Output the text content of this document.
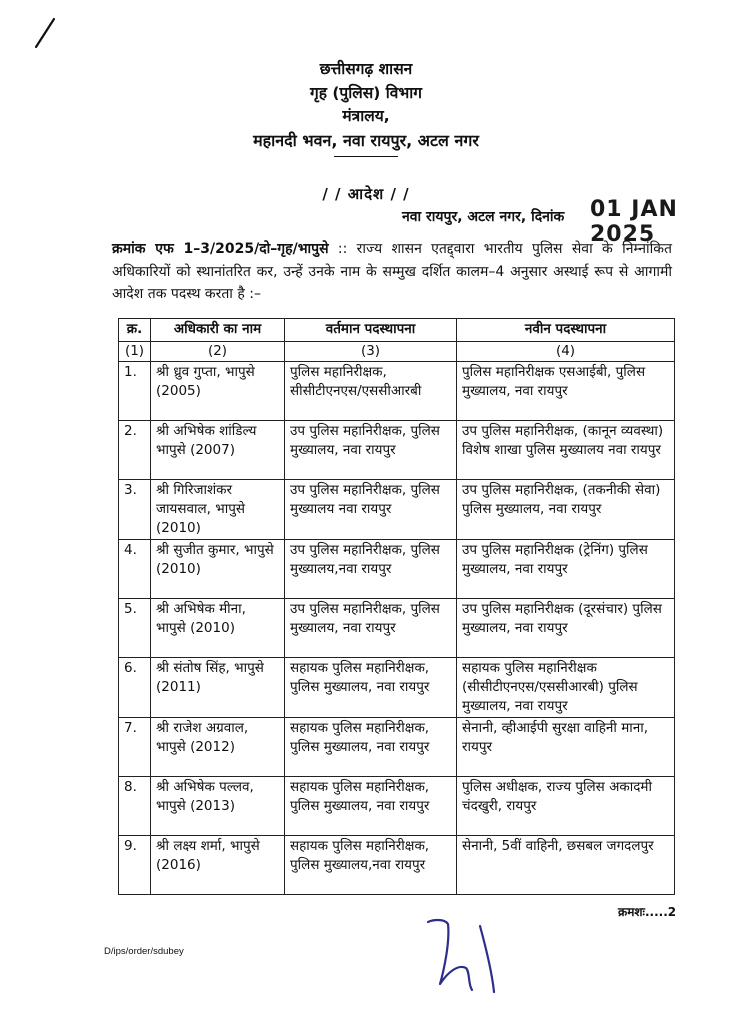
छत्तीसगढ़ शासन
गृह (पुलिस) विभाग
मंत्रालय,
महानदी भवन, नवा रायपुर, अटल नगर
/ / आदेश / /
नवा रायपुर, अटल नगर, दिनांक 01 JAN 2025
क्रमांक एफ 1–3/2025/दो–गृह/भापुसे :: राज्य शासन एतद्द्वारा भारतीय पुलिस सेवा के निम्नांकित अधिकारियों को स्थानांतरित कर, उन्हें उनके नाम के सम्मुख दर्शित कालम–4 अनुसार अस्थाई रूप से आगामी आदेश तक पदस्थ करता है :–
क्र.	अधिकारी का नाम	वर्तमान पदस्थापना	नवीन पदस्थापना
(1)	(2)	(3)	(4)
1.	श्री ध्रुव गुप्ता, भापुसे (2005)	पुलिस महानिरीक्षक, सीसीटीएनएस/एससीआरबी	पुलिस महानिरीक्षक एसआईबी, पुलिस मुख्यालय, नवा रायपुर
2.	श्री अभिषेक शांडिल्य भापुसे (2007)	उप पुलिस महानिरीक्षक, पुलिस मुख्यालय, नवा रायपुर	उप पुलिस महानिरीक्षक, (कानून व्यवस्था) विशेष शाखा पुलिस मुख्यालय नवा रायपुर
3.	श्री गिरिजाशंकर जायसवाल, भापुसे (2010)	उप पुलिस महानिरीक्षक, पुलिस मुख्यालय नवा रायपुर	उप पुलिस महानिरीक्षक, (तकनीकी सेवा) पुलिस मुख्यालय, नवा रायपुर
4.	श्री सुजीत कुमार, भापुसे (2010)	उप पुलिस महानिरीक्षक, पुलिस मुख्यालय,नवा रायपुर	उप पुलिस महानिरीक्षक (ट्रेनिंग) पुलिस मुख्यालय, नवा रायपुर
5.	श्री अभिषेक मीना, भापुसे (2010)	उप पुलिस महानिरीक्षक, पुलिस मुख्यालय, नवा रायपुर	उप पुलिस महानिरीक्षक (दूरसंचार) पुलिस मुख्यालय, नवा रायपुर
6.	श्री संतोष सिंह, भापुसे (2011)	सहायक पुलिस महानिरीक्षक, पुलिस मुख्यालय, नवा रायपुर	सहायक पुलिस महानिरीक्षक (सीसीटीएनएस/एससीआरबी) पुलिस मुख्यालय, नवा रायपुर
7.	श्री राजेश अग्रवाल, भापुसे (2012)	सहायक पुलिस महानिरीक्षक, पुलिस मुख्यालय, नवा रायपुर	सेनानी, व्हीआईपी सुरक्षा वाहिनी माना, रायपुर
8.	श्री अभिषेक पल्लव, भापुसे (2013)	सहायक पुलिस महानिरीक्षक, पुलिस मुख्यालय, नवा रायपुर	पुलिस अधीक्षक, राज्य पुलिस अकादमी चंदखुरी, रायपुर
9.	श्री लक्ष्य शर्मा, भापुसे (2016)	सहायक पुलिस महानिरीक्षक, पुलिस मुख्यालय,नवा रायपुर	सेनानी, 5वीं वाहिनी, छसबल जगदलपुर
क्रमशः.....2
D/ips/order/sdubey
